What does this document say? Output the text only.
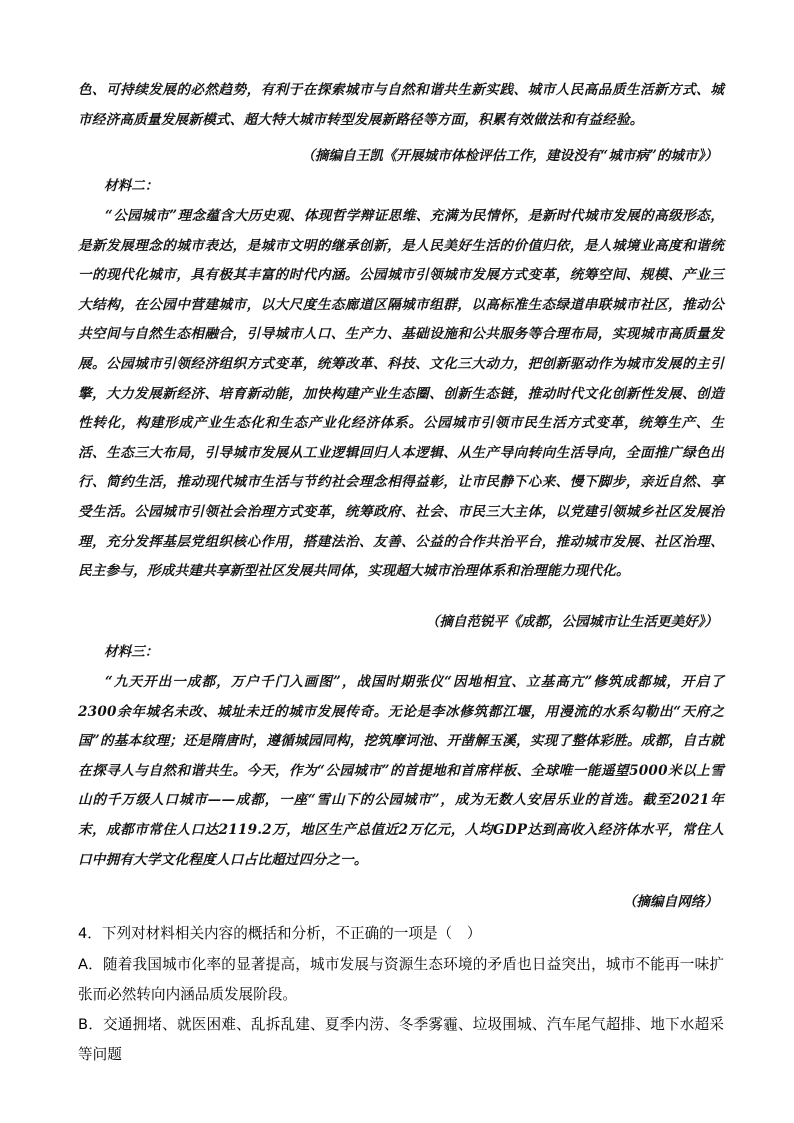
色、可持续发展的必然趋势，有利于在探索城市与自然和谐共生新实践、城市人民高品质生活新方式、城市经济高质量发展新模式、超大特大城市转型发展新路径等方面，积累有效做法和有益经验。
（摘编自王凯《开展城市体检评估工作，建设没有“城市病”的城市》）
材料二：
“公园城市”理念蕴含大历史观、体现哲学辩证思维、充满为民情怀，是新时代城市发展的高级形态，是新发展理念的城市表达，是城市文明的继承创新，是人民美好生活的价值归依，是人城境业高度和谐统一的现代化城市，具有极其丰富的时代内涵。公园城市引领城市发展方式变革，统筹空间、规模、产业三大结构，在公园中营建城市，以大尺度生态廊道区隔城市组群，以高标准生态绿道串联城市社区，推动公共空间与自然生态相融合，引导城市人口、生产力、基础设施和公共服务等合理布局，实现城市高质量发展。公园城市引领经济组织方式变革，统筹改革、科技、文化三大动力，把创新驱动作为城市发展的主引擎，大力发展新经济、培育新动能，加快构建产业生态圈、创新生态链，推动时代文化创新性发展、创造性转化，构建形成产业生态化和生态产业化经济体系。公园城市引领市民生活方式变革，统筹生产、生活、生态三大布局，引导城市发展从工业逻辑回归人本逻辑、从生产导向转向生活导向，全面推广绿色出行、简约生活，推动现代城市生活与节约社会理念相得益彰，让市民静下心来、慢下脚步，亲近自然、享受生活。公园城市引领社会治理方式变革，统筹政府、社会、市民三大主体，以党建引领城乡社区发展治理，充分发挥基层党组织核心作用，搭建法治、友善、公益的合作共治平台，推动城市发展、社区治理、民主参与，形成共建共享新型社区发展共同体，实现超大城市治理体系和治理能力现代化。
（摘自范锐平《成都，公园城市让生活更美好》）
材料三：
“九天开出一成都，万户千门入画图”，战国时期张仪“因地相宜、立基高亢”修筑成都城，开启了2300余年城名未改、城址未迁的城市发展传奇。无论是李冰修筑都江堰，用漫流的水系勾勒出“天府之国”的基本纹理；还是隋唐时，遵循城园同构，挖筑摩诃池、开凿解玉溪，实现了整体彩胜。成都，自古就在探寻人与自然和谐共生。今天，作为“公园城市”的首提地和首席样板、全球唯一能遥望5000米以上雪山的千万级人口城市——成都，一座“雪山下的公园城市”，成为无数人安居乐业的首选。截至2021年末，成都市常住人口达2119.2万，地区生产总值近2万亿元，人均GDP达到高收入经济体水平，常住人口中拥有大学文化程度人口占比超过四分之一。
（摘编自网络）
4．下列对材料相关内容的概括和分析，不正确的一项是（　）
A．随着我国城市化率的显著提高，城市发展与资源生态环境的矛盾也日益突出，城市不能再一味扩张而必然转向内涵品质发展阶段。
B．交通拥堵、就医困难、乱拆乱建、夏季内涝、冬季雾霾、垃圾围城、汽车尾气超排、地下水超采等问题
